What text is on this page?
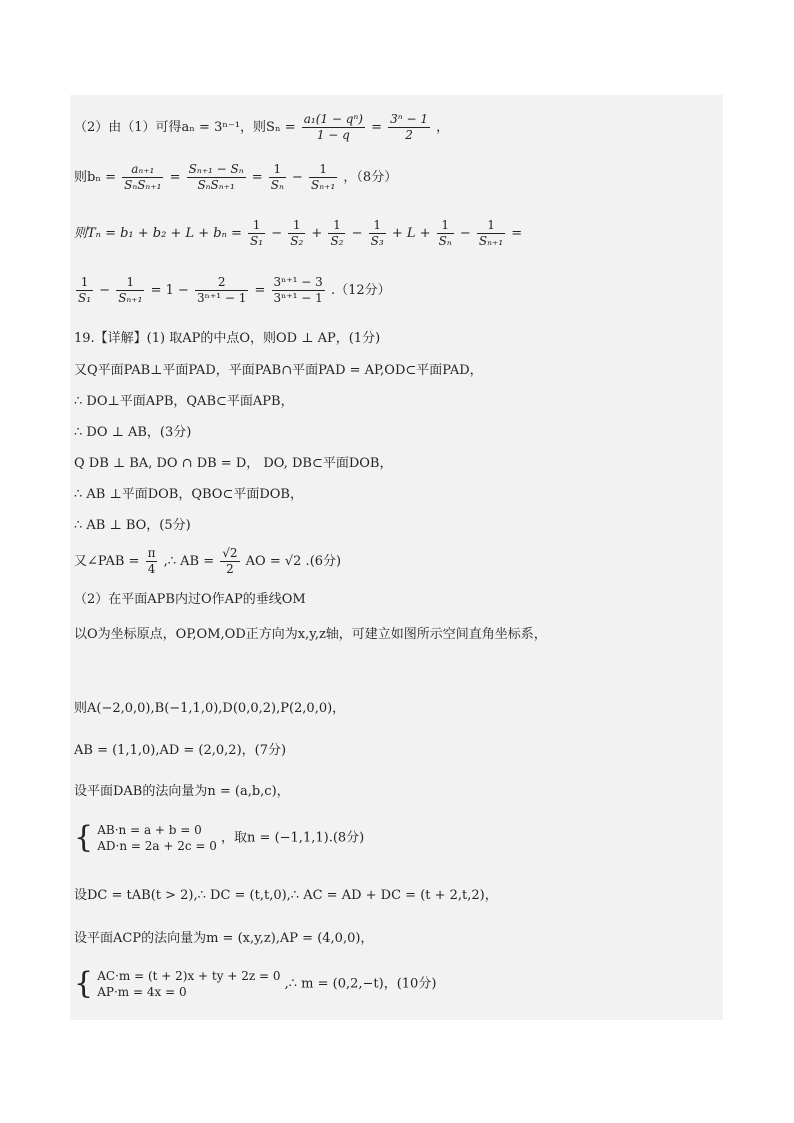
（2）由（1）可得aₙ = 3ⁿ⁻¹，则$S_n = \frac{\text{a₁(1 − qⁿ)}}{1 - q} = \frac{\text{3ⁿ − 1}}{2}$ ，
则$b_n = \frac{\text{aₙ₊₁}}{\text{SₙSₙ₊₁}} = \frac{\text{Sₙ₊₁ − Sₙ}}{\text{SₙSₙ₊₁}} = \frac{1}{\text{Sₙ}} - \frac{1}{\text{Sₙ₊₁}}$ ，（8分）
则$T_n = b_1 + b_2 + L + b_n = \frac{1}{\text{S₁}} - \frac{1}{\text{S₂}} + \frac{1}{\text{S₂}} - \frac{1}{\text{S₃}} + L + \frac{1}{\text{Sₙ}} - \frac{1}{\text{Sₙ₊₁}}$ =
$\frac{1}{\text{S₁}} - \frac{1}{\text{Sₙ₊₁}} = 1 - \frac{2}{\text{3ⁿ⁺¹ − 1}} = \frac{\text{3ⁿ⁺¹ − 3}}{\text{3ⁿ⁺¹ − 1}} .(12$分）
19.【详解】(1) 取AP的中点O，则OD ⊥ AP，(1分)
又Q平面PAB⊥平面PAD，平面PAB∩平面PAD = AP,OD⊂平面PAD，
∴ DO⊥平面APB，QAB⊂平面APB，
∴ DO ⊥ AB，(3分)
Q DB ⊥ BA, DO ∩ DB = D， DO, DB⊂平面DOB，
∴ AB ⊥平面DOB，QBO⊂平面DOB，
∴ AB ⊥ BO，(5分)
又∠PAB = $\frac{\pi}{4}$ ,∴ AB = $\frac{√2}{2}$ AO = √2 .(6分)
（2）在平面APB内过O作AP的垂线OM
以O为坐标原点，OP,OM,OD正方向为x,y,z轴，可建立如图所示空间直角坐标系，
则A(−2,0,0),B(−1,1,0),D(0,0,2),P(2,0,0)，
AB = (1,1,0),AD = (2,0,2)，(7分)
设平面DAB的法向量为n = (a,b,c)，
{ AB·n = a + b = 0
AD·n = 2a + 2c = 0
，取n = (−1,1,1).(8分)
设DC = tAB(t > 2),∴ DC = (t,t,0),∴ AC = AD + DC = (t + 2,t,2)，
设平面ACP的法向量为m = (x,y,z),AP = (4,0,0)，
{ AC·m = (t + 2)x + ty + 2z = 0
AP·m = 4x = 0
,∴ m = (0,2,−t)，(10分)
